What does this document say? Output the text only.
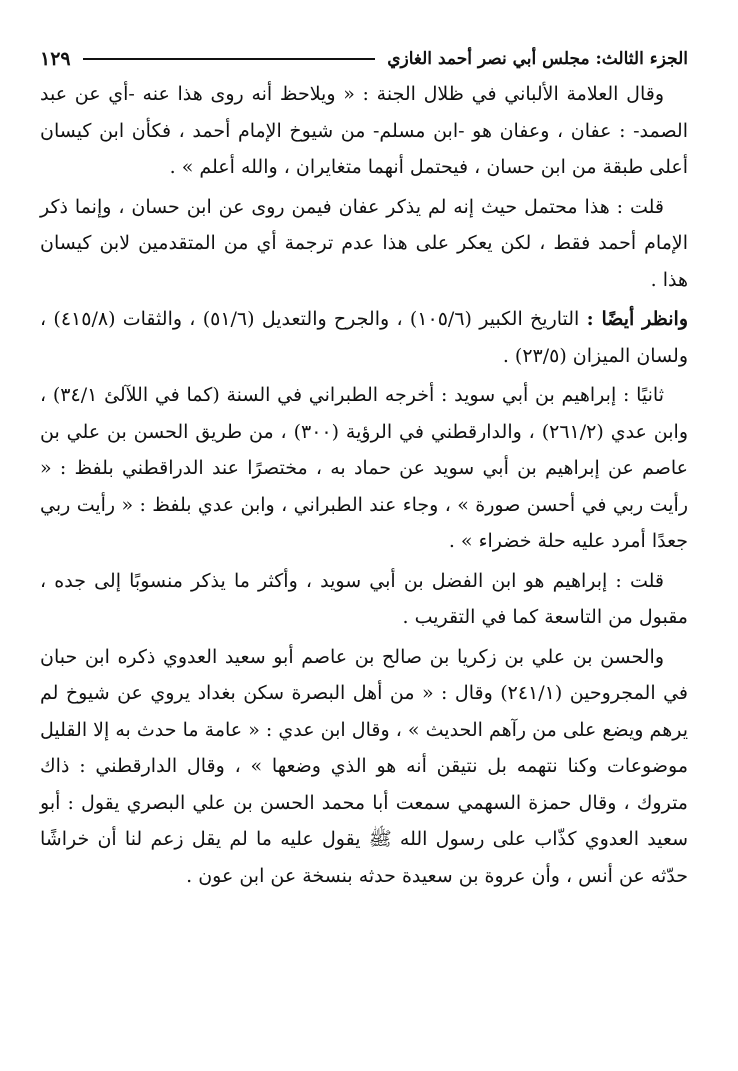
الجزء الثالث: مجلس أبي نصر أحمد الغازي
١٢٩
وقال العلامة الألباني في ظلال الجنة : « ويلاحظ أنه روى هذا عنه -أي عن عبد الصمد- : عفان ، وعفان هو -ابن مسلم- من شيوخ الإمام أحمد ، فكأن ابن كيسان أعلى طبقة من ابن حسان ، فيحتمل أنهما متغايران ، والله أعلم » .
قلت : هذا محتمل حيث إنه لم يذكر عفان فيمن روى عن ابن حسان ، وإنما ذكر الإمام أحمد فقط ، لكن يعكر على هذا عدم ترجمة أي من المتقدمين لابن كيسان هذا .
وانظر أيضًا : التاريخ الكبير (١٠٥/٦) ، والجرح والتعديل (٥١/٦) ، والثقات (٤١٥/٨) ، ولسان الميزان (٢٣/٥) .
ثانيًا : إبراهيم بن أبي سويد : أخرجه الطبراني في السنة (كما في اللآلئ ٣٤/١) ، وابن عدي (٢٦١/٢) ، والدارقطني في الرؤية (٣٠٠) ، من طريق الحسن بن علي بن عاصم عن إبراهيم بن أبي سويد عن حماد به ، مختصرًا عند الدراقطني بلفظ : « رأيت ربي في أحسن صورة » ، وجاء عند الطبراني ، وابن عدي بلفظ : « رأيت ربي جعدًا أمرد عليه حلة خضراء » .
قلت : إبراهيم هو ابن الفضل بن أبي سويد ، وأكثر ما يذكر منسوبًا إلى جده ، مقبول من التاسعة كما في التقريب .
والحسن بن علي بن زكريا بن صالح بن عاصم أبو سعيد العدوي ذكره ابن حبان في المجروحين (٢٤١/١) وقال : « من أهل البصرة سكن بغداد يروي عن شيوخ لم يرهم ويضع على من رآهم الحديث » ، وقال ابن عدي : « عامة ما حدث به إلا القليل موضوعات وكنا نتهمه بل نتيقن أنه هو الذي وضعها » ، وقال الدارقطني : ذاك متروك ، وقال حمزة السهمي سمعت أبا محمد الحسن بن علي البصري يقول : أبو سعيد العدوي كذّاب على رسول الله ﷺ يقول عليه ما لم يقل زعم لنا أن خراشًا حدّثه عن أنس ، وأن عروة بن سعيدة حدثه بنسخة عن ابن عون .
